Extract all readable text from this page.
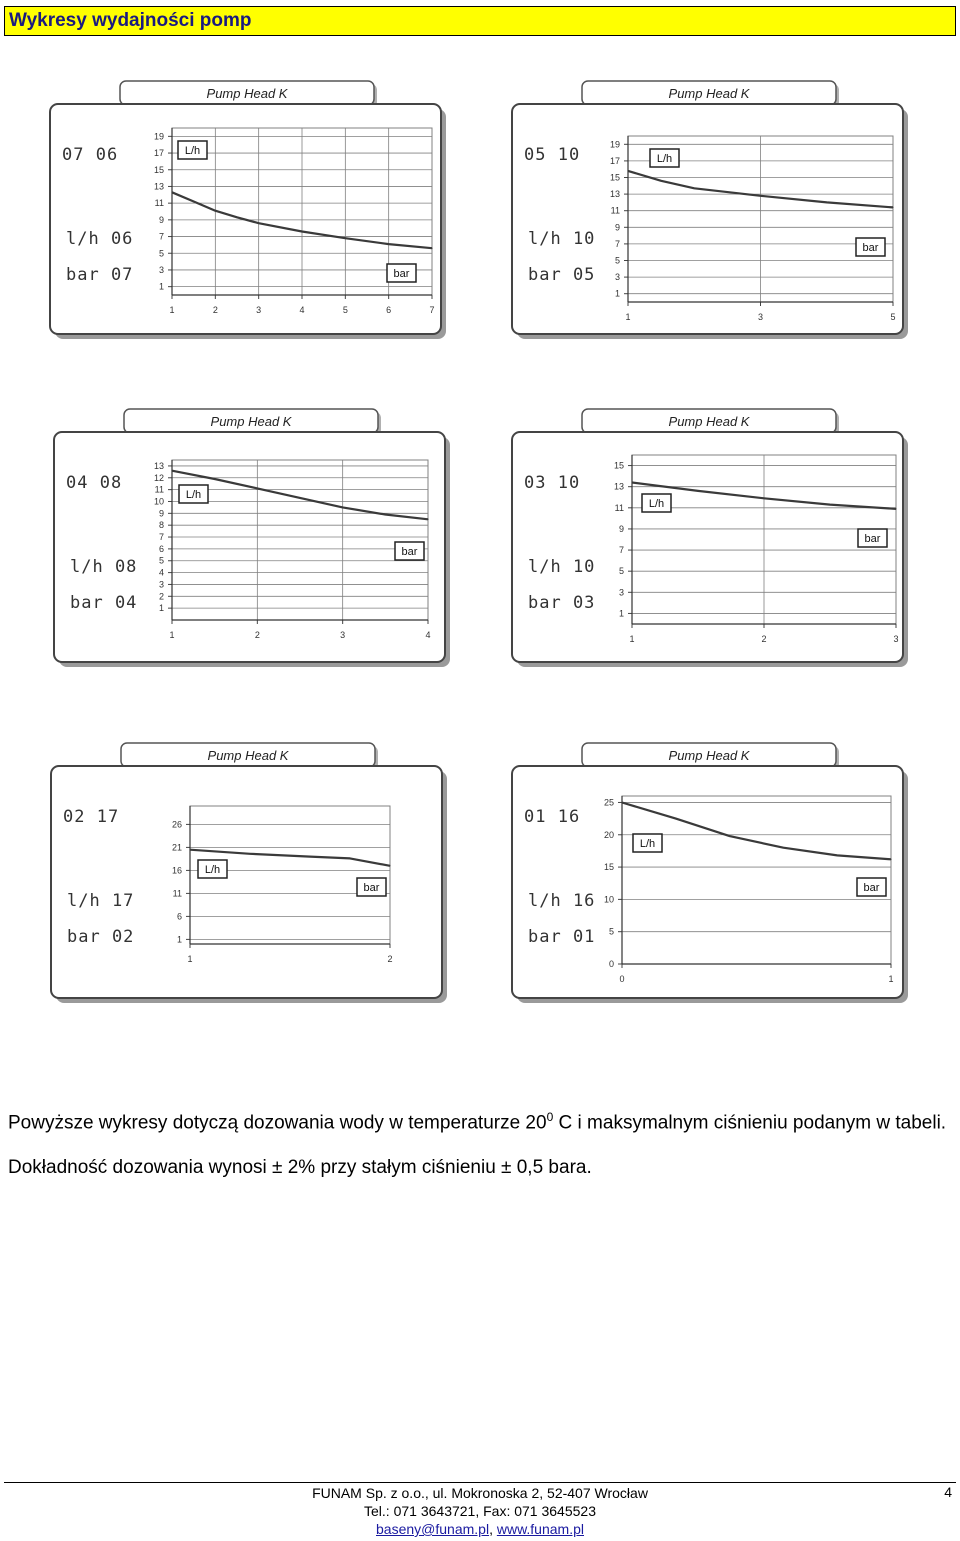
Wykresy wydajności pomp
Pump Head K
07 06
l/h 06
bar 07
1
3
5
7
9
11
13
15
17
19
1	2	3	4	5	6	7
L/h
bar
Pump Head K
05 10
l/h 10
bar 05
1
3
5
7
9
11
13
15
17
19
1	3	5
L/h
bar
Pump Head K
04 08
l/h 08
bar 04 1
2
3
4
5
6
7
8
9
10
11
12
13
1	2	3	4
L/h
bar
Pump Head K
03 10
l/h 10
bar 03
1
3
5
7
9
11
13
15
1	2	3
L/h
bar
Pump Head K
02 17
l/h 17
bar 02	1
6
11
16
21
26
1	2
L/h
bar
Pump Head K
01 16
l/h 16
bar 01
0
5
10
15
20
25
0	1
L/h
bar
Powyższe wykresy dotyczą dozowania wody w temperaturze $20^0$ C i maksymalnym ciśnieniu podanym w tabeli.
Dokładność dozowania wynosi ± 2% przy stałym ciśnieniu ± 0,5 bara.
FUNAM Sp. z o.o., ul. Mokronoska 2, 52-407 Wrocław
Tel.: 071 3643721, Fax: 071 3645523
baseny@funam.pl, www.funam.pl
4
